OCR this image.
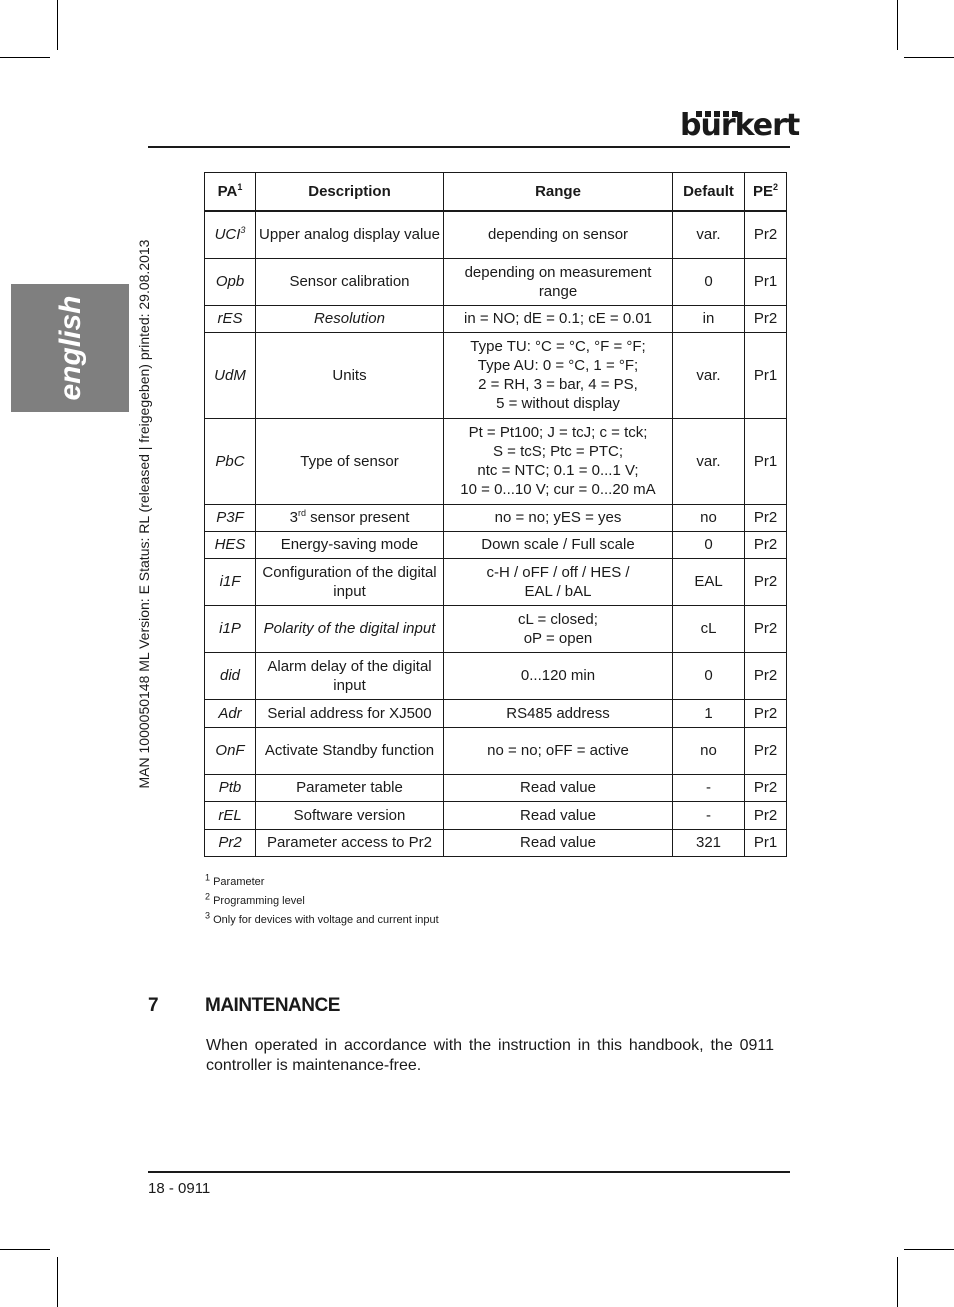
burkert
english	MAN 1000050148 ML Version: E Status: RL (released | freigegeben) printed: 29.08.2013
$PA^1$	Description	Range	Default	$PE^2$
UCI$^3$	Upper analog display value	depending on sensor	var.	Pr2
Opb	Sensor calibration	depending on measurement range	0	Pr1
rES	Resolution	in = NO; dE = 0.1; cE = 0.01	in	Pr2
UdM	Units	Type TU: °C = °C, °F = °F;
Type AU: 0 = °C, 1 = °F;
2 = RH, 3 = bar, 4 = PS,
5 = without display	var.	Pr1
PbC	Type of sensor	Pt = Pt100; J = tcJ; c = tck;
S = tcS; Ptc = PTC;
ntc = NTC; 0.1 = 0...1 V;
10 = 0...10 V; cur = 0...20 mA	var.	Pr1
P3F	3rd sensor present	no = no; yES = yes	no	Pr2
HES	Energy-saving mode	Down scale / Full scale	0	Pr2
i1F	Configuration of the digital input	c-H / oFF / off / HES /
EAL / bAL	EAL	Pr2
i1P	Polarity of the digital input	cL = closed;
oP = open	cL	Pr2
did	Alarm delay of the digital input	0...120 min	0	Pr2
Adr	Serial address for XJ500	RS485 address	1	Pr2
OnF	Activate Standby function	no = no; oFF = active	no	Pr2
Ptb	Parameter table	Read value	-	Pr2
rEL	Software version	Read value	-	Pr2
Pr2	Parameter access to Pr2	Read value	321	Pr1
$^1$ Parameter
$^2$ Programming level
$^3$ Only for devices with voltage and current input
7 MAINTENANCE
When operated in accordance with the instruction in this handbook, the 0911 controller is maintenance-free.
18 - 0911
